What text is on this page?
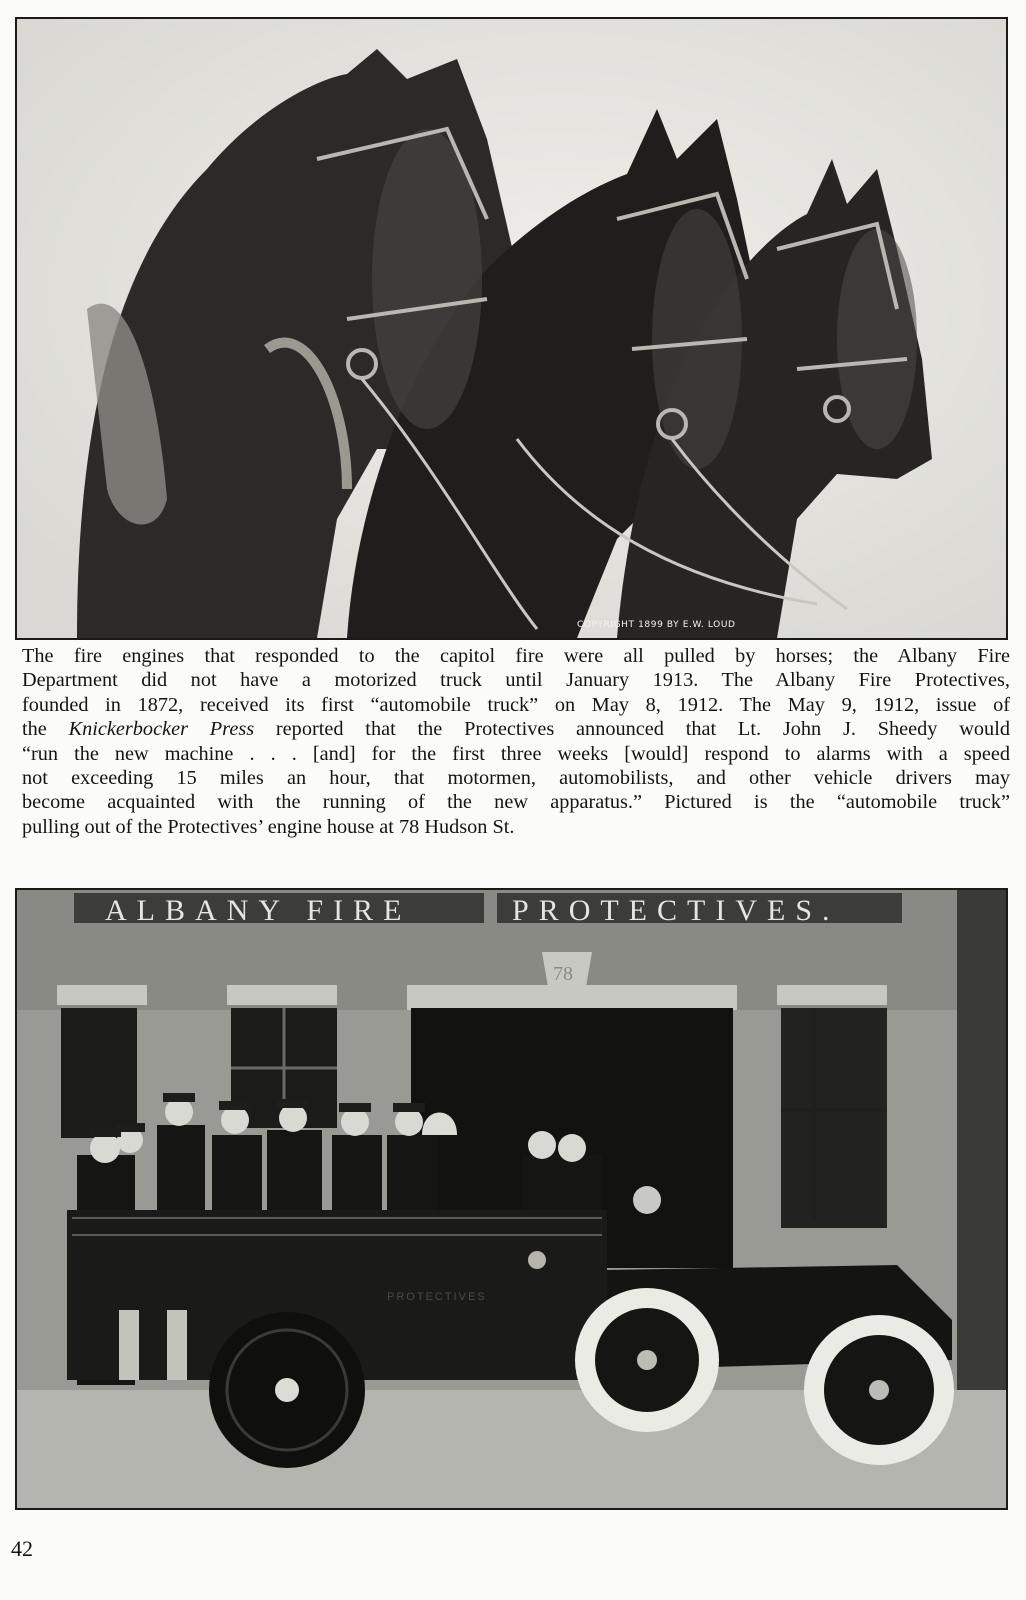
COPYRIGHT 1899 BY E.W. LOUD
The fire engines that responded to the capitol fire were all pulled by horses; the Albany Fire
Department did not have a motorized truck until January 1913. The Albany Fire Protectives,
founded in 1872, received its first “automobile truck” on May 8, 1912. The May 9, 1912, issue of
the Knickerbocker Press reported that the Protectives announced that Lt. John J. Sheedy would
“run the new machine . . . [and] for the first three weeks [would] respond to alarms with a speed
not exceeding 15 miles an hour, that motormen, automobilists, and other vehicle drivers may
become acquainted with the running of the new apparatus.” Pictured is the “automobile truck”
pulling out of the Protectives’ engine house at 78 Hudson St.
ALBANY FIRE	PROTECTIVES.
78
PROTECTIVES
42
